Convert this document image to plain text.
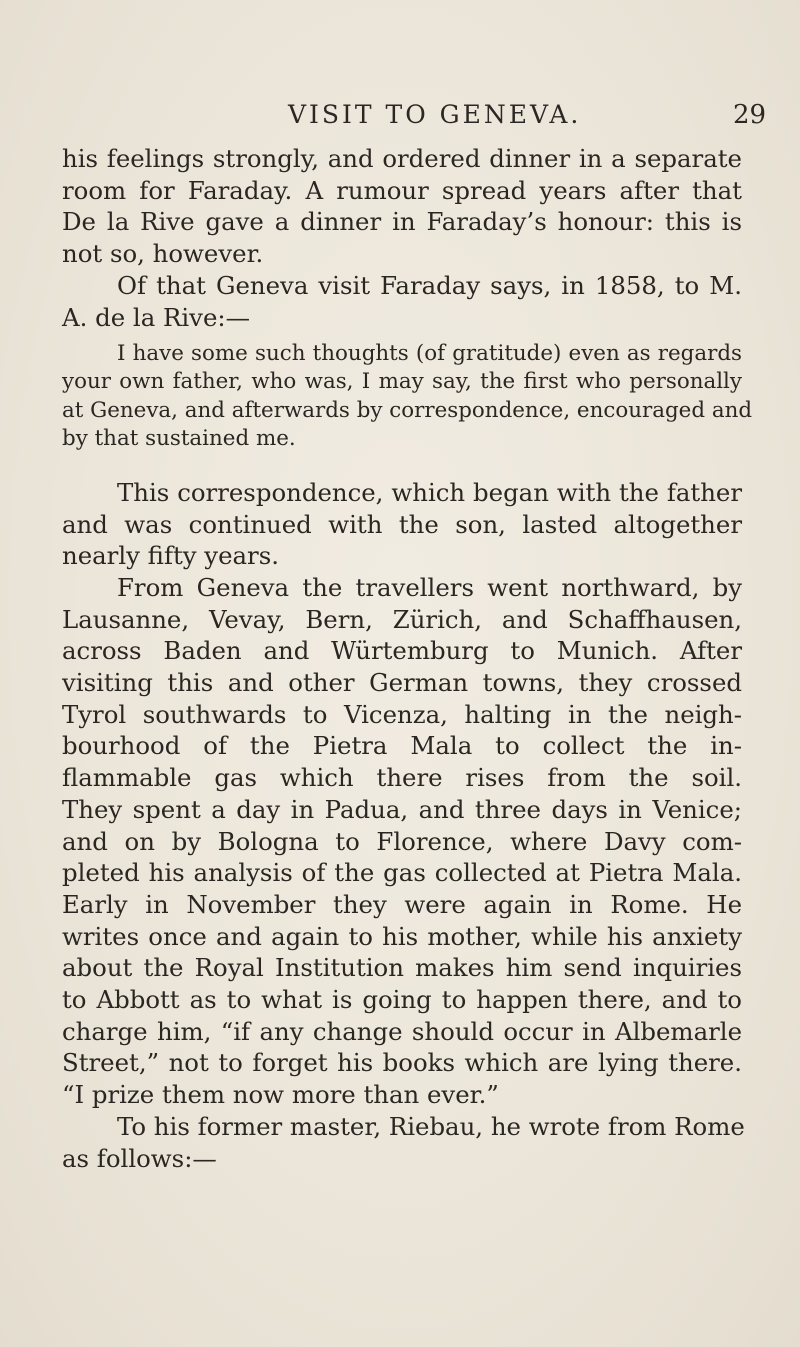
VISIT TO GENEVA.	29
his feelings strongly, and ordered dinner in a separate
room for Faraday. A rumour spread years after that
De la Rive gave a dinner in Faraday’s honour: this is
not so, however.
Of that Geneva visit Faraday says, in 1858, to M.
A. de la Rive:—
I have some such thoughts (of gratitude) even as regards
your own father, who was, I may say, the first who personally
at Geneva, and afterwards by correspondence, encouraged and
by that sustained me.
This correspondence, which began with the father
and was continued with the son, lasted altogether
nearly fifty years.
From Geneva the travellers went northward, by
Lausanne, Vevay, Bern, Zürich, and Schaffhausen,
across Baden and Würtemburg to Munich. After
visiting this and other German towns, they crossed
Tyrol southwards to Vicenza, halting in the neigh-
bourhood of the Pietra Mala to collect the in-
flammable gas which there rises from the soil.
They spent a day in Padua, and three days in Venice;
and on by Bologna to Florence, where Davy com-
pleted his analysis of the gas collected at Pietra Mala.
Early in November they were again in Rome. He
writes once and again to his mother, while his anxiety
about the Royal Institution makes him send inquiries
to Abbott as to what is going to happen there, and to
charge him, “if any change should occur in Albemarle
Street,” not to forget his books which are lying there.
“I prize them now more than ever.”
To his former master, Riebau, he wrote from Rome
as follows:—
